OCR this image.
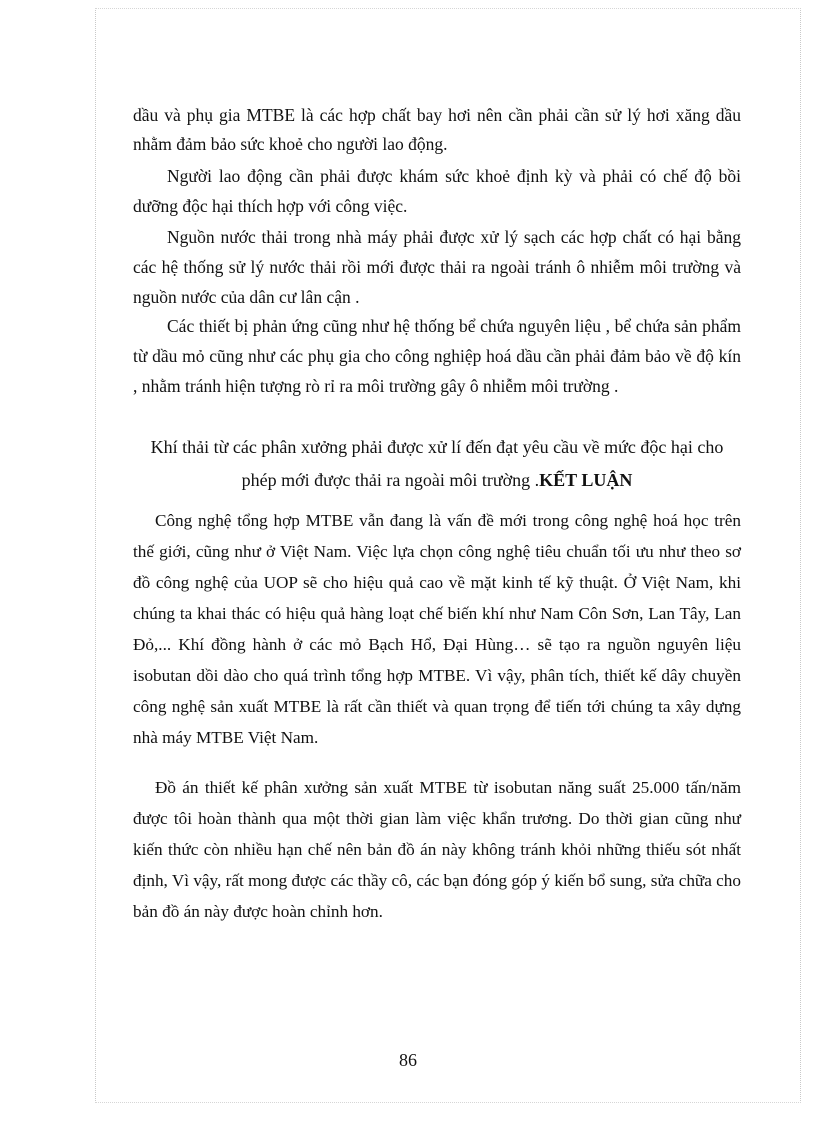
dầu và phụ gia MTBE là các hợp chất bay hơi nên cần phải cần sử lý hơi xăng dầu nhằm đảm bảo sức khoẻ cho người lao động.

Người lao động cần phải được khám sức khoẻ định kỳ và phải có chế độ bồi dưỡng độc hại thích hợp với công việc.

Nguồn nước thải trong nhà máy phải được xử lý sạch các hợp chất có hại bằng các hệ thống sử lý nước thải rồi mới được thải ra ngoài tránh ô nhiễm môi trường và nguồn nước của dân cư lân cận .

Các thiết bị phản ứng cũng như hệ thống bể chứa nguyên liệu , bể chứa sản phẩm từ dầu mỏ cũng như các phụ gia cho công nghiệp hoá dầu cần phải đảm bảo về độ kín , nhằm tránh hiện tượng rò rỉ ra môi trường gây ô nhiễm môi trường .

Khí thải từ các phân xưởng phải được xử lí đến đạt yêu cầu về mức độc hại cho phép mới được thải ra ngoài môi trường .KẾT LUẬN

Công nghệ tổng hợp MTBE vẫn đang là vấn đề mới trong công nghệ hoá học trên thế giới, cũng như ở Việt Nam. Việc lựa chọn công nghệ tiêu chuẩn tối ưu như theo sơ đồ công nghệ của UOP sẽ cho hiệu quả cao về mặt kinh tế kỹ thuật. Ở Việt Nam, khi chúng ta khai thác có hiệu quả hàng loạt chế biến khí như Nam Côn Sơn, Lan Tây, Lan Đỏ,... Khí đồng hành ở các mỏ Bạch Hổ, Đại Hùng… sẽ tạo ra nguồn nguyên liệu isobutan dồi dào cho quá trình tổng hợp MTBE. Vì vậy, phân tích, thiết kế dây chuyền công nghệ sản xuất MTBE là rất cần thiết và quan trọng để tiến tới chúng ta xây dựng nhà máy MTBE Việt Nam.

Đồ án thiết kế phân xưởng sản xuất MTBE từ isobutan năng suất 25.000 tấn/năm được tôi hoàn thành qua một thời gian làm việc khẩn trương. Do thời gian cũng như kiến thức còn nhiều hạn chế nên bản đồ án này không tránh khỏi những thiếu sót nhất định, Vì vậy, rất mong được các thầy cô, các bạn đóng góp ý kiến bổ sung, sửa chữa cho bản đồ án này được hoàn chỉnh hơn.

86
